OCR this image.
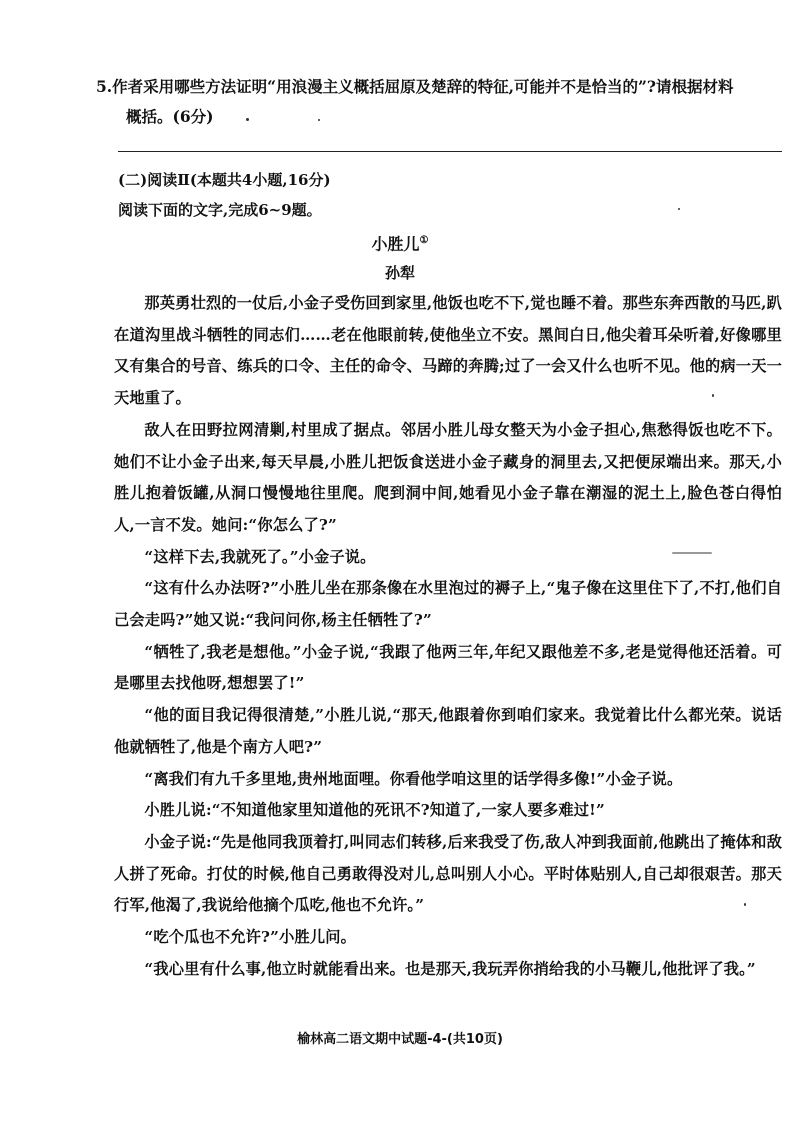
5.作者采用哪些方法证明“用浪漫主义概括屈原及楚辞的特征,可能并不是恰当的”?请根据材料
概括。(6分)
(二)阅读Ⅱ(本题共4小题,16分)
阅读下面的文字,完成6~9题。
小胜儿①
孙犁

那英勇壮烈的一仗后,小金子受伤回到家里,他饭也吃不下,觉也睡不着。那些东奔西散的马匹,趴在道沟里战斗牺牲的同志们……老在他眼前转,使他坐立不安。黑间白日,他尖着耳朵听着,好像哪里又有集合的号音、练兵的口令、主任的命令、马蹄的奔腾;过了一会又什么也听不见。他的病一天一天地重了。

敌人在田野拉网清剿,村里成了据点。邻居小胜儿母女整天为小金子担心,焦愁得饭也吃不下。她们不让小金子出来,每天早晨,小胜儿把饭食送进小金子藏身的洞里去,又把便尿端出来。那天,小胜儿抱着饭罐,从洞口慢慢地往里爬。爬到洞中间,她看见小金子靠在潮湿的泥土上,脸色苍白得怕人,一言不发。她问:“你怎么了?”

“这样下去,我就死了。”小金子说。

“这有什么办法呀?”小胜儿坐在那条像在水里泡过的褥子上,“鬼子像在这里住下了,不打,他们自己会走吗?”她又说:“我问问你,杨主任牺牲了?”

“牺牲了,我老是想他。”小金子说,“我跟了他两三年,年纪又跟他差不多,老是觉得他还活着。可是哪里去找他呀,想想罢了!”

“他的面目我记得很清楚,”小胜儿说,“那天,他跟着你到咱们家来。我觉着比什么都光荣。说话他就牺牲了,他是个南方人吧?”

“离我们有九千多里地,贵州地面哩。你看他学咱这里的话学得多像!”小金子说。

小胜儿说:“不知道他家里知道他的死讯不?知道了,一家人要多难过!”

小金子说:“先是他同我顶着打,叫同志们转移,后来我受了伤,敌人冲到我面前,他跳出了掩体和敌人拼了死命。打仗的时候,他自己勇敢得没对儿,总叫别人小心。平时体贴别人,自己却很艰苦。那天行军,他渴了,我说给他摘个瓜吃,他也不允许。”

“吃个瓜也不允许?”小胜儿问。

“我心里有什么事,他立时就能看出来。也是那天,我玩弄你捎给我的小马鞭儿,他批评了我。”

榆林高二语文期中试题-4-(共10页)
